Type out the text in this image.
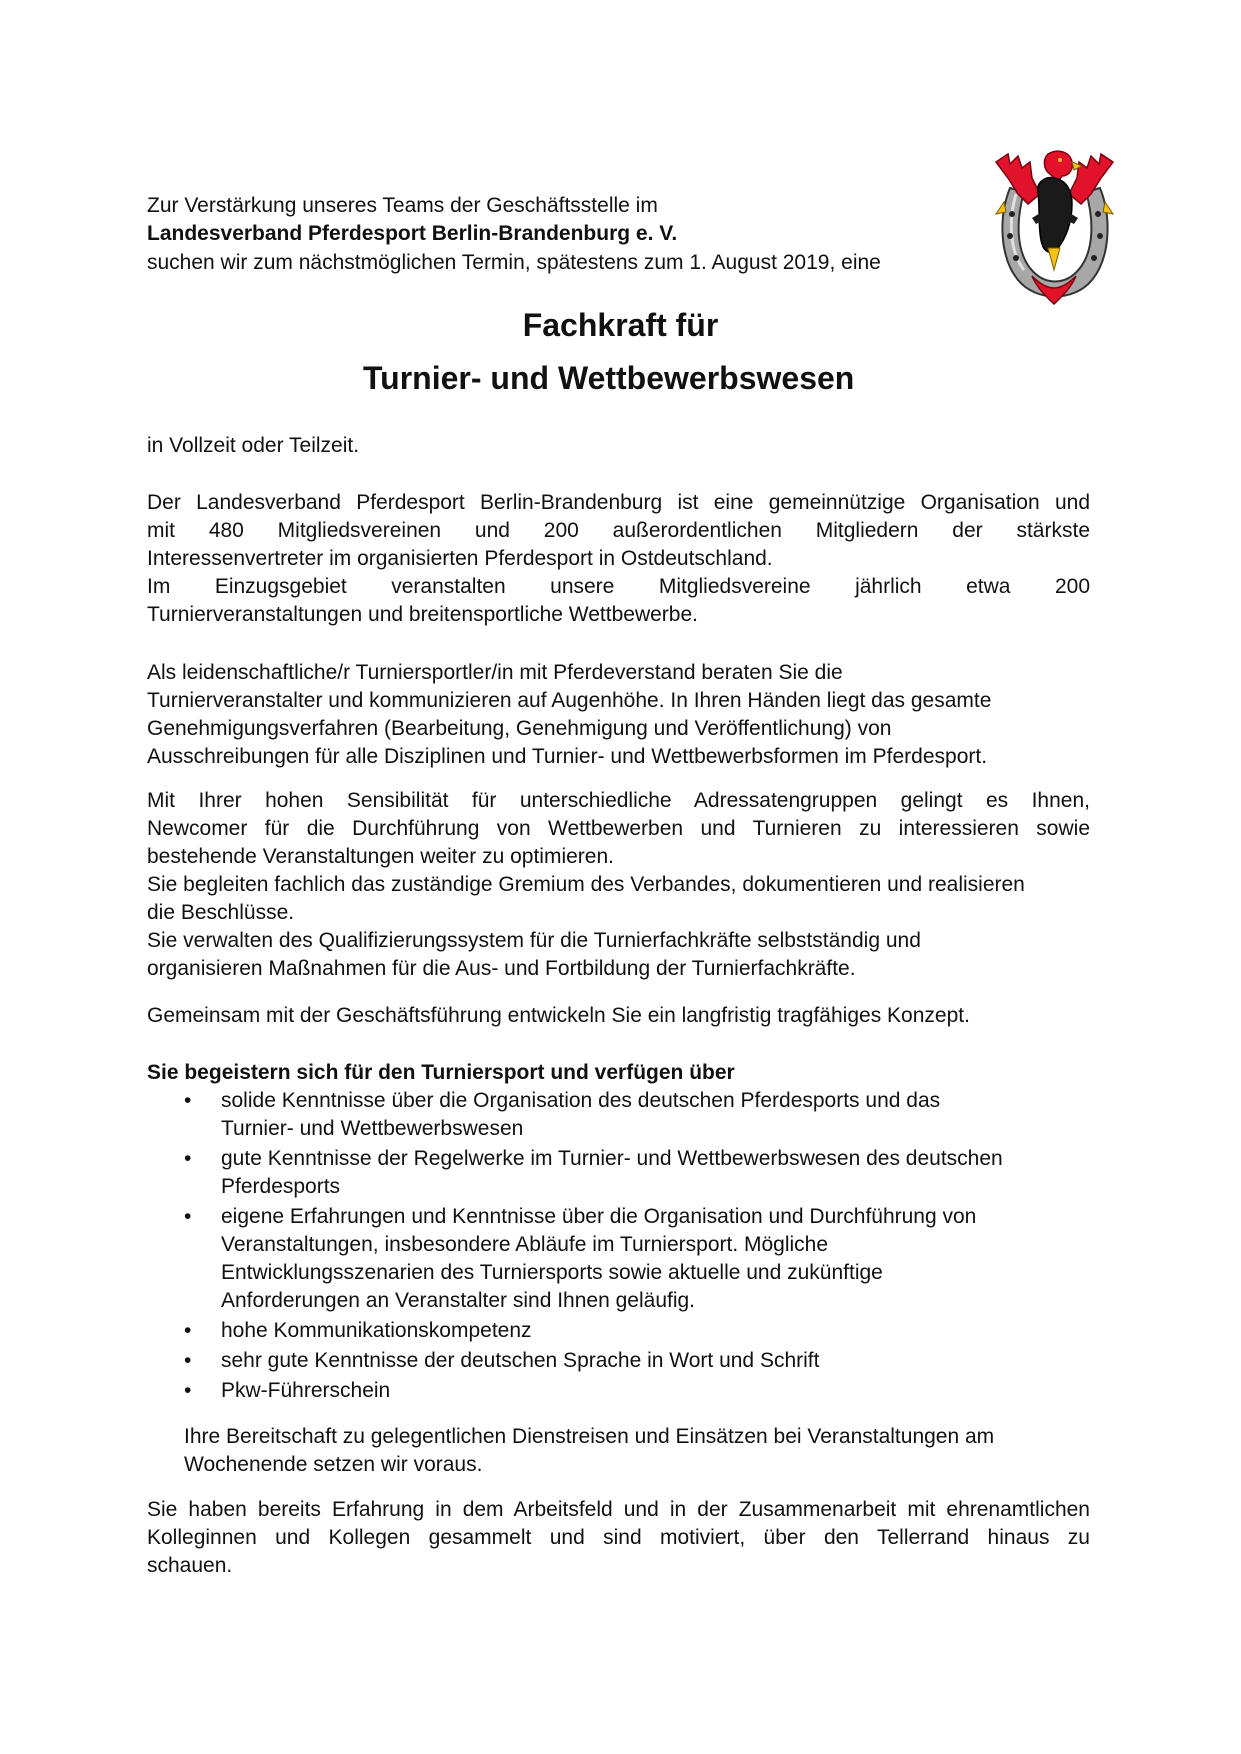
Zur Verstärkung unseres Teams der Geschäftsstelle im
Landesverband Pferdesport Berlin-Brandenburg e. V.
suchen wir zum nächstmöglichen Termin, spätestens zum 1. August 2019, eine
Fachkraft für
Turnier- und Wettbewerbswesen
in Vollzeit oder Teilzeit.
Der Landesverband Pferdesport Berlin-Brandenburg ist eine gemeinnützige Organisation und
mit 480 Mitgliedsvereinen und 200 außerordentlichen Mitgliedern der stärkste
Interessenvertreter im organisierten Pferdesport in Ostdeutschland.
Im Einzugsgebiet veranstalten unsere Mitgliedsvereine jährlich etwa 200
Turnierveranstaltungen und breitensportliche Wettbewerbe.
Als leidenschaftliche/r Turniersportler/in mit Pferdeverstand beraten Sie die
Turnierveranstalter und kommunizieren auf Augenhöhe. In Ihren Händen liegt das gesamte
Genehmigungsverfahren (Bearbeitung, Genehmigung und Veröffentlichung) von
Ausschreibungen für alle Disziplinen und Turnier- und Wettbewerbsformen im Pferdesport.
Mit Ihrer hohen Sensibilität für unterschiedliche Adressatengruppen gelingt es Ihnen,
Newcomer für die Durchführung von Wettbewerben und Turnieren zu interessieren sowie
bestehende Veranstaltungen weiter zu optimieren.
Sie begleiten fachlich das zuständige Gremium des Verbandes, dokumentieren und realisieren
die Beschlüsse.
Sie verwalten des Qualifizierungssystem für die Turnierfachkräfte selbstständig und
organisieren Maßnahmen für die Aus- und Fortbildung der Turnierfachkräfte.
Gemeinsam mit der Geschäftsführung entwickeln Sie ein langfristig tragfähiges Konzept.
Sie begeistern sich für den Turniersport und verfügen über
• solide Kenntnisse über die Organisation des deutschen Pferdesports und das
Turnier- und Wettbewerbswesen
• gute Kenntnisse der Regelwerke im Turnier- und Wettbewerbswesen des deutschen
Pferdesports
• eigene Erfahrungen und Kenntnisse über die Organisation und Durchführung von
Veranstaltungen, insbesondere Abläufe im Turniersport. Mögliche
Entwicklungsszenarien des Turniersports sowie aktuelle und zukünftige
Anforderungen an Veranstalter sind Ihnen geläufig.
• hohe Kommunikationskompetenz
• sehr gute Kenntnisse der deutschen Sprache in Wort und Schrift
• Pkw-Führerschein
Ihre Bereitschaft zu gelegentlichen Dienstreisen und Einsätzen bei Veranstaltungen am
Wochenende setzen wir voraus.
Sie haben bereits Erfahrung in dem Arbeitsfeld und in der Zusammenarbeit mit ehrenamtlichen
Kolleginnen und Kollegen gesammelt und sind motiviert, über den Tellerrand hinaus zu
schauen.
